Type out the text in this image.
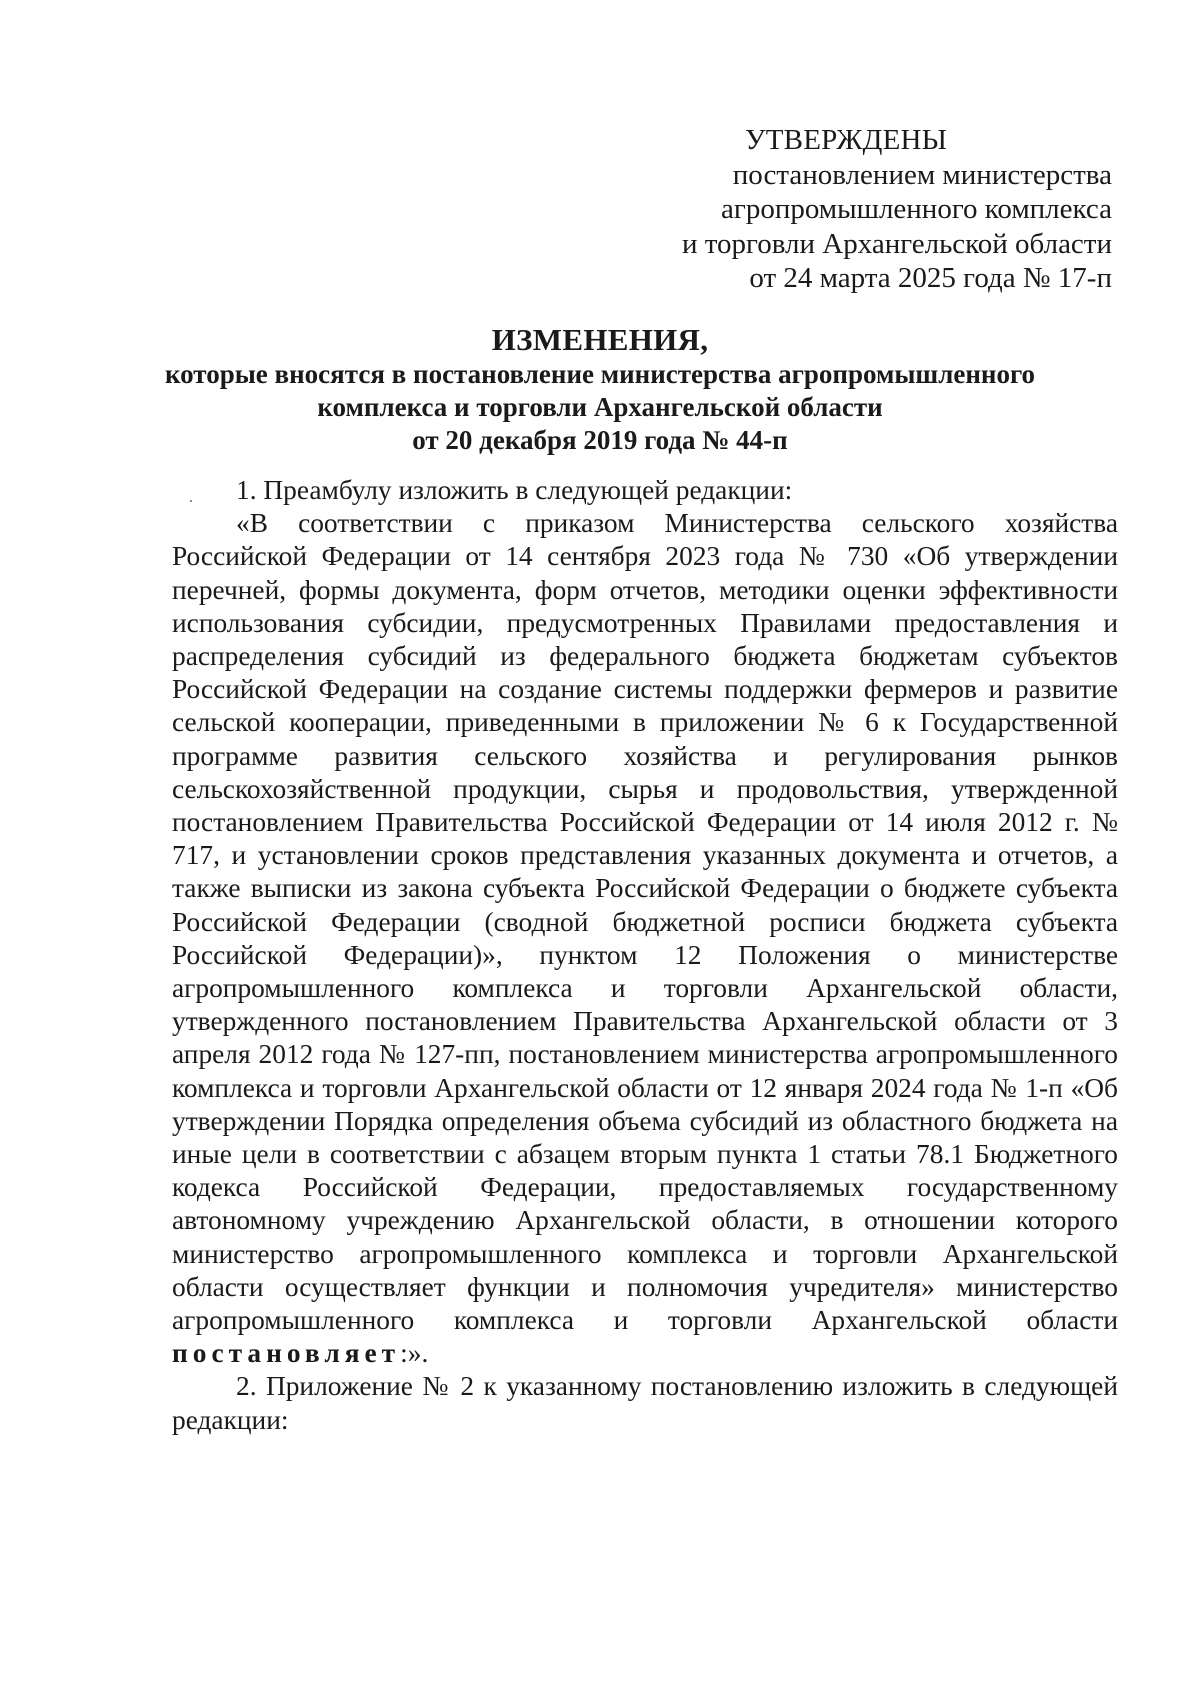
УТВЕРЖДЕНЫ
постановлением министерства
агропромышленного комплекса
и торговли Архангельской области
от 24 марта 2025 года № 17-п
ИЗМЕНЕНИЯ,
которые вносятся в постановление министерства агропромышленного
комплекса и торговли Архангельской области
от 20 декабря 2019 года № 44-п

1. Преамбулу изложить в следующей редакции:

«В соответствии с приказом Министерства сельского хозяйства Российской Федерации от 14 сентября 2023 года № 730 «Об утверждении перечней, формы документа, форм отчетов, методики оценки эффективности использования субсидии, предусмотренных Правилами предоставления и распределения субсидий из федерального бюджета бюджетам субъектов Российской Федерации на создание системы поддержки фермеров и развитие сельской кооперации, приведенными в приложении № 6 к Государственной программе развития сельского хозяйства и регулирования рынков сельскохозяйственной продукции, сырья и продовольствия, утвержденной постановлением Правительства Российской Федерации от 14 июля 2012 г. № 717, и установлении сроков представления указанных документа и отчетов, а также выписки из закона субъекта Российской Федерации о бюджете субъекта Российской Федерации (сводной бюджетной росписи бюджета субъекта Российской Федерации)», пунктом 12 Положения о министерстве агропромышленного комплекса и торговли Архангельской области, утвержденного постановлением Правительства Архангельской области от 3 апреля 2012 года № 127-пп, постановлением министерства агропромышленного комплекса и торговли Архангельской области от 12 января 2024 года № 1-п «Об утверждении Порядка определения объема субсидий из областного бюджета на иные цели в соответствии с абзацем вторым пункта 1 статьи 78.1 Бюджетного кодекса Российской Федерации, предоставляемых государственному автономному учреждению Архангельской области, в отношении которого министерство агропромышленного комплекса и торговли Архангельской области осуществляет функции и полномочия учредителя» министерство агропромышленного комплекса и торговли Архангельской области постановляет:».

2. Приложение № 2 к указанному постановлению изложить в следующей редакции:
